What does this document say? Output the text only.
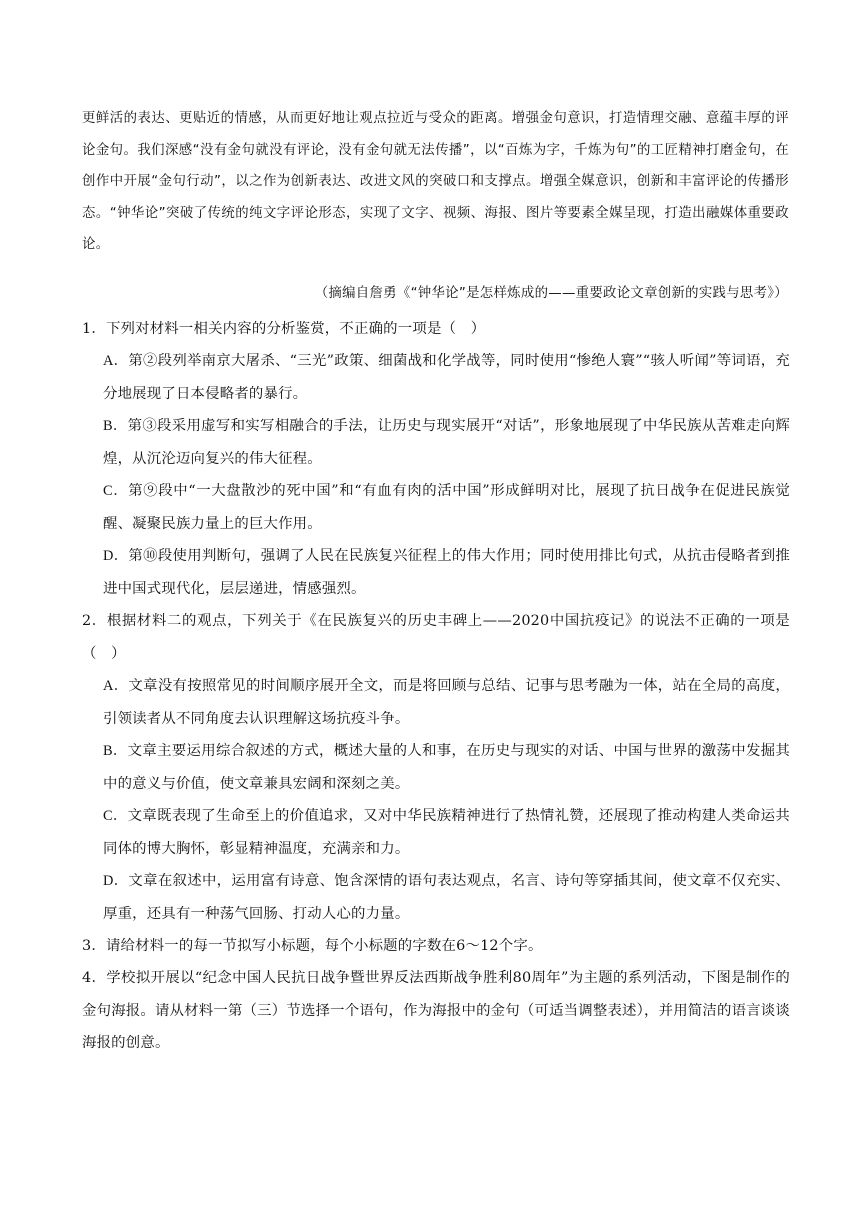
更鲜活的表达、更贴近的情感，从而更好地让观点拉近与受众的距离。增强金句意识，打造情理交融、意蕴丰厚的评论金句。我们深感“没有金句就没有评论，没有金句就无法传播”，以“百炼为字，千炼为句”的工匠精神打磨金句，在创作中开展“金句行动”，以之作为创新表达、改进文风的突破口和支撑点。增强全媒意识，创新和丰富评论的传播形态。“钟华论”突破了传统的纯文字评论形态，实现了文字、视频、海报、图片等要素全媒呈现，打造出融媒体重要政论。
（摘编自詹勇《“钟华论”是怎样炼成的——重要政论文章创新的实践与思考》）
1．下列对材料一相关内容的分析鉴赏，不正确的一项是（　）
A．第②段列举南京大屠杀、“三光”政策、细菌战和化学战等，同时使用“惨绝人寰”“骇人听闻”等词语，充分地展现了日本侵略者的暴行。
B．第③段采用虚写和实写相融合的手法，让历史与现实展开“对话”，形象地展现了中华民族从苦难走向辉煌，从沉沦迈向复兴的伟大征程。
C．第⑨段中“一大盘散沙的死中国”和“有血有肉的活中国”形成鲜明对比，展现了抗日战争在促进民族觉醒、凝聚民族力量上的巨大作用。
D．第⑩段使用判断句，强调了人民在民族复兴征程上的伟大作用；同时使用排比句式，从抗击侵略者到推进中国式现代化，层层递进，情感强烈。
2．根据材料二的观点，下列关于《在民族复兴的历史丰碑上——2020中国抗疫记》的说法不正确的一项是（　）
A．文章没有按照常见的时间顺序展开全文，而是将回顾与总结、记事与思考融为一体，站在全局的高度，引领读者从不同角度去认识理解这场抗疫斗争。
B．文章主要运用综合叙述的方式，概述大量的人和事，在历史与现实的对话、中国与世界的激荡中发掘其中的意义与价值，使文章兼具宏阔和深刻之美。
C．文章既表现了生命至上的价值追求，又对中华民族精神进行了热情礼赞，还展现了推动构建人类命运共同体的博大胸怀，彰显精神温度，充满亲和力。
D．文章在叙述中，运用富有诗意、饱含深情的语句表达观点，名言、诗句等穿插其间，使文章不仅充实、厚重，还具有一种荡气回肠、打动人心的力量。
3．请给材料一的每一节拟写小标题，每个小标题的字数在6～12个字。
4．学校拟开展以“纪念中国人民抗日战争暨世界反法西斯战争胜利80周年”为主题的系列活动，下图是制作的金句海报。请从材料一第（三）节选择一个语句，作为海报中的金句（可适当调整表述），并用简洁的语言谈谈海报的创意。
